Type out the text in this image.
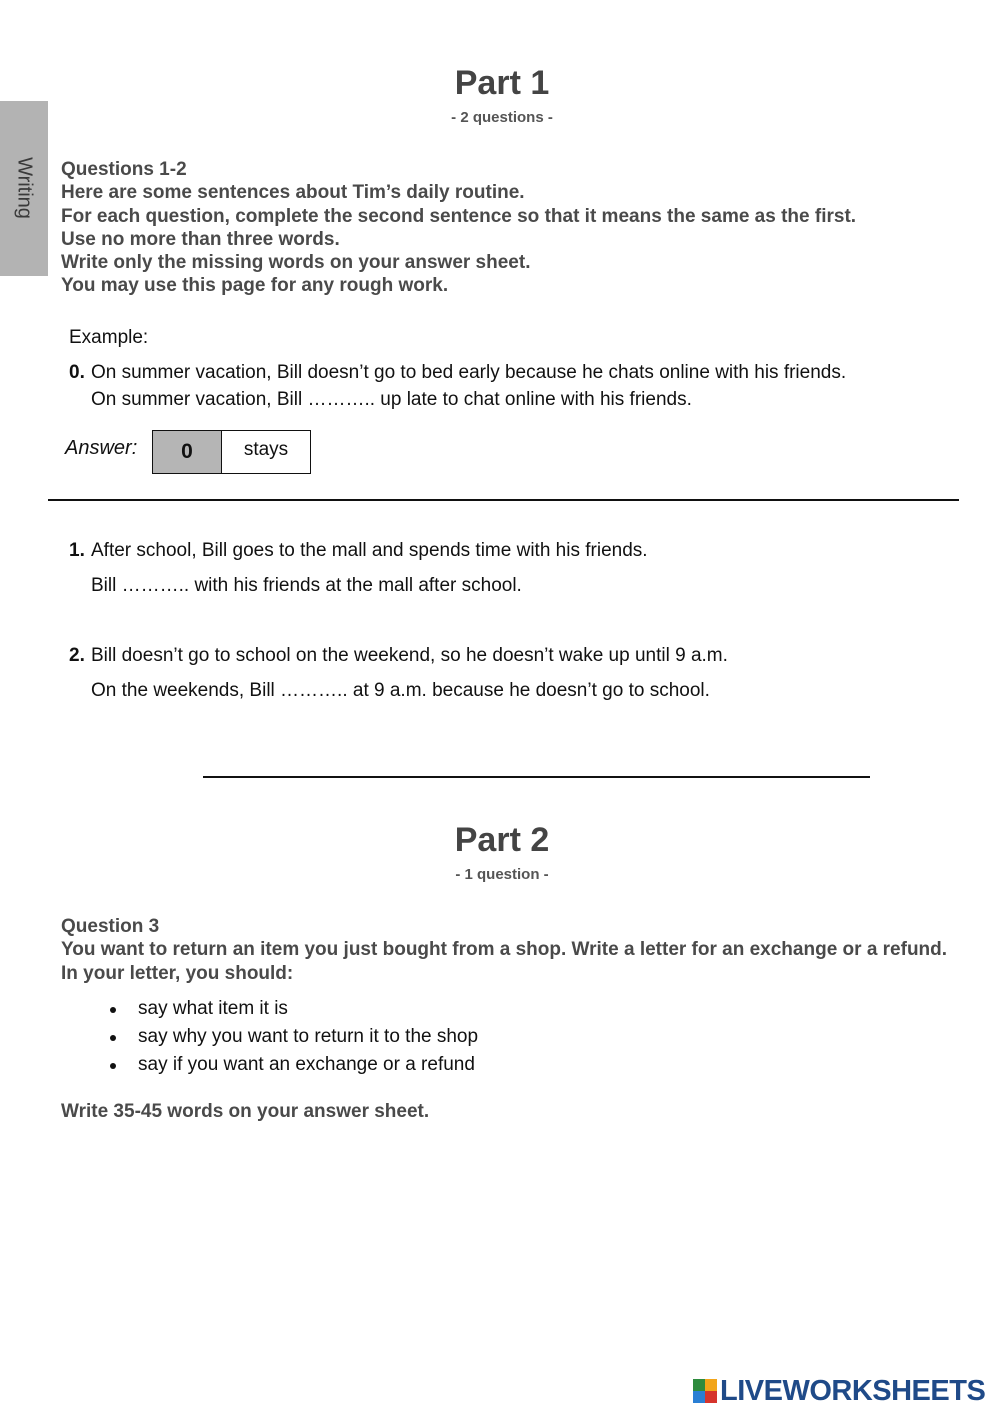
Writing
Part 1
- 2 questions -
Questions 1-2
Here are some sentences about Tim’s daily routine.
For each question, complete the second sentence so that it means the same as the first.
Use no more than three words.
Write only the missing words on your answer sheet.
You may use this page for any rough work.
Example:
0. On summer vacation, Bill doesn’t go to bed early because he chats online with his friends.
On summer vacation, Bill ……….. up late to chat online with his friends.
Answer:	0	stays
1. After school, Bill goes to the mall and spends time with his friends.
Bill ……….. with his friends at the mall after school.
2. Bill doesn’t go to school on the weekend, so he doesn’t wake up until 9 a.m.
On the weekends, Bill ……….. at 9 a.m. because he doesn’t go to school.
Part 2
- 1 question -
Question 3
You want to return an item you just bought from a shop. Write a letter for an exchange or a refund. In your letter, you should:
say what item it is
say why you want to return it to the shop
say if you want an exchange or a refund
Write 35-45 words on your answer sheet.
LIVEWORKSHEETS
